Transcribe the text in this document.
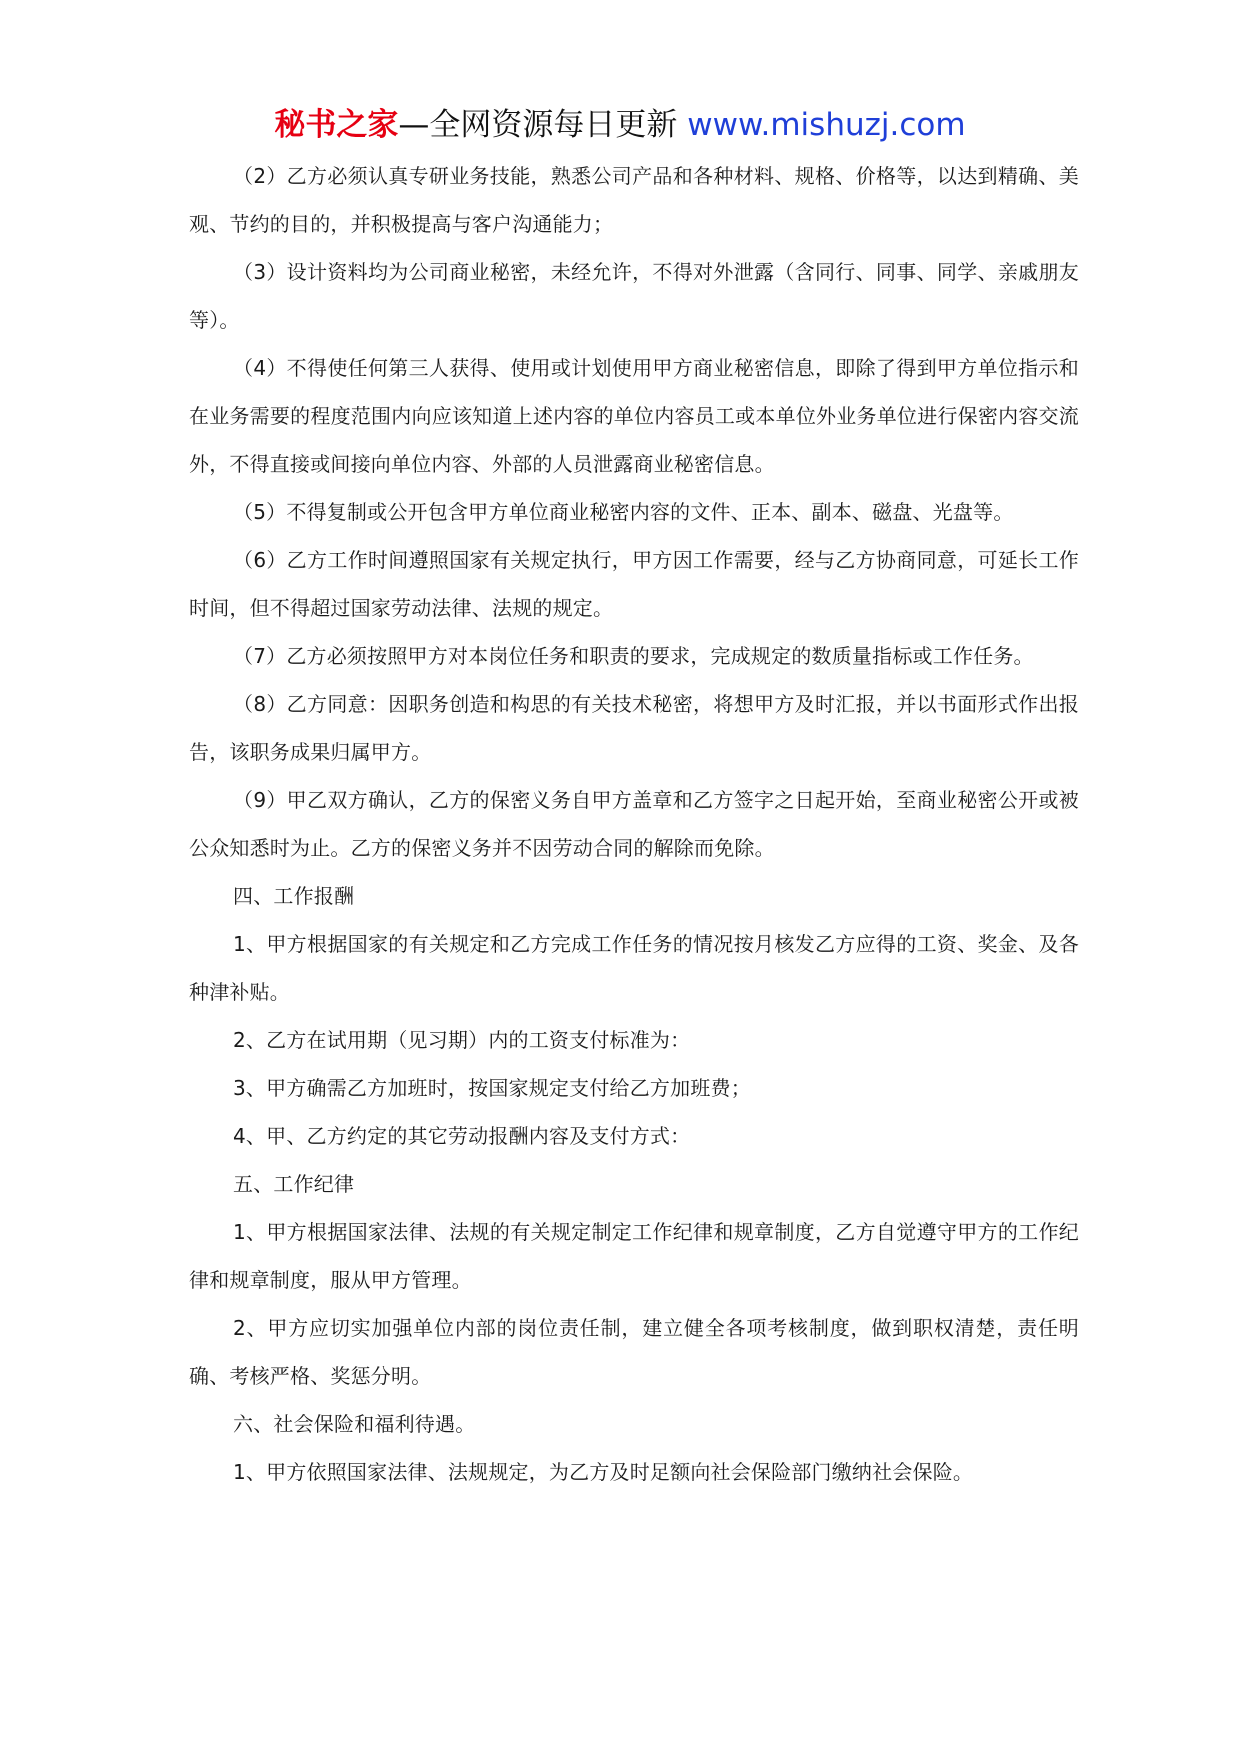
秘书之家—全网资源每日更新 www.mishuzj.com

（2）乙方必须认真专研业务技能，熟悉公司产品和各种材料、规格、价格等，以达到精确、美观、节约的目的，并积极提高与客户沟通能力；

（3）设计资料均为公司商业秘密，未经允许，不得对外泄露（含同行、同事、同学、亲戚朋友等）。

（4）不得使任何第三人获得、使用或计划使用甲方商业秘密信息，即除了得到甲方单位指示和在业务需要的程度范围内向应该知道上述内容的单位内容员工或本单位外业务单位进行保密内容交流外，不得直接或间接向单位内容、外部的人员泄露商业秘密信息。

（5）不得复制或公开包含甲方单位商业秘密内容的文件、正本、副本、磁盘、光盘等。

（6）乙方工作时间遵照国家有关规定执行，甲方因工作需要，经与乙方协商同意，可延长工作时间，但不得超过国家劳动法律、法规的规定。

（7）乙方必须按照甲方对本岗位任务和职责的要求，完成规定的数质量指标或工作任务。

（8）乙方同意：因职务创造和构思的有关技术秘密，将想甲方及时汇报，并以书面形式作出报告，该职务成果归属甲方。

（9）甲乙双方确认，乙方的保密义务自甲方盖章和乙方签字之日起开始，至商业秘密公开或被公众知悉时为止。乙方的保密义务并不因劳动合同的解除而免除。

四、工作报酬

1、甲方根据国家的有关规定和乙方完成工作任务的情况按月核发乙方应得的工资、奖金、及各种津补贴。

2、乙方在试用期（见习期）内的工资支付标准为：

3、甲方确需乙方加班时，按国家规定支付给乙方加班费；

4、甲、乙方约定的其它劳动报酬内容及支付方式：

五、工作纪律

1、甲方根据国家法律、法规的有关规定制定工作纪律和规章制度，乙方自觉遵守甲方的工作纪律和规章制度，服从甲方管理。

2、甲方应切实加强单位内部的岗位责任制，建立健全各项考核制度，做到职权清楚，责任明确、考核严格、奖惩分明。

六、社会保险和福利待遇。

1、甲方依照国家法律、法规规定，为乙方及时足额向社会保险部门缴纳社会保险。
